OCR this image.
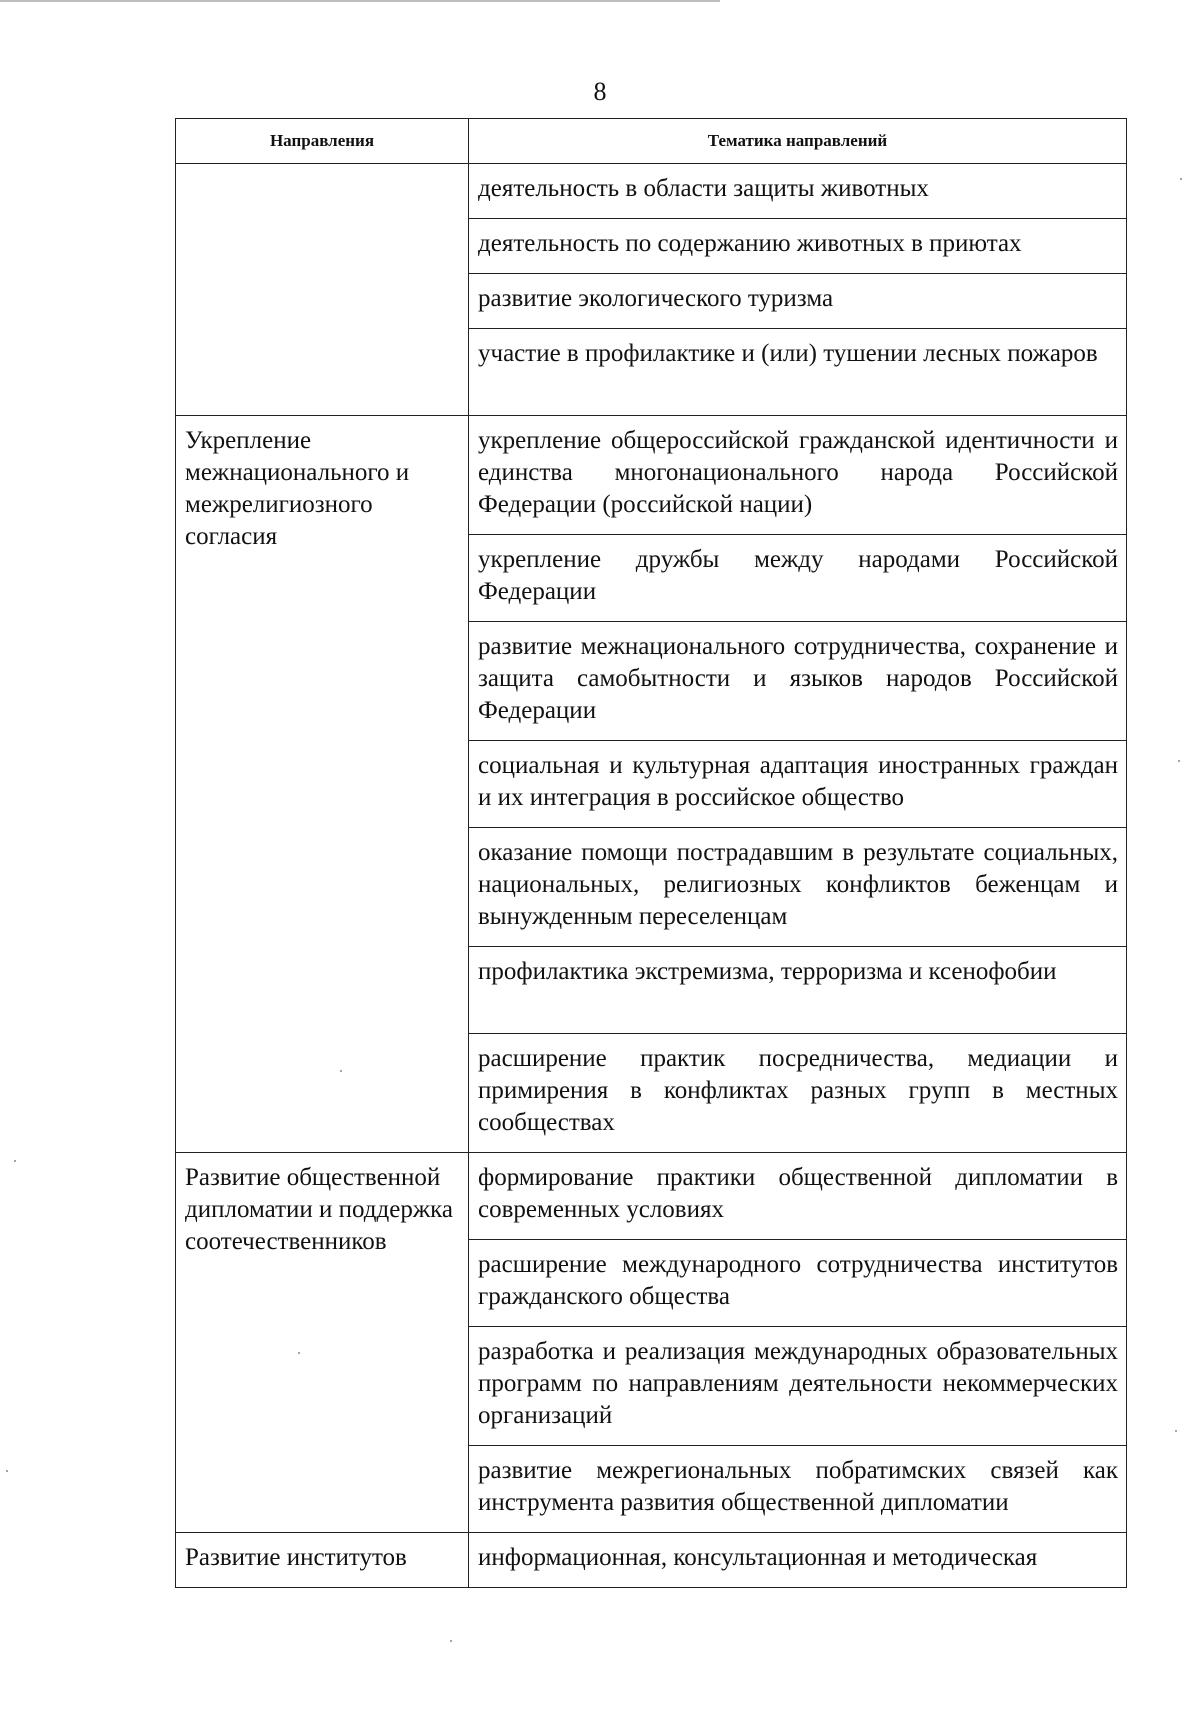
8
Направления	Тематика направлений
	деятельность в области защиты животных
	деятельность по содержанию животных в приютах
	развитие экологического туризма
	участие в профилактике и (или) тушении лесных пожаров
Укрепление межнационального и межрелигиозного согласия	укрепление общероссийской гражданской идентичности и единства многонационального народа Российской Федерации (российской нации)
	укрепление дружбы между народами Российской Федерации
	развитие межнационального сотрудничества, сохранение и защита самобытности и языков народов Российской Федерации
	социальная и культурная адаптация иностранных граждан и их интеграция в российское общество
	оказание помощи пострадавшим в результате социальных, национальных, религиозных конфликтов беженцам и вынужденным переселенцам
	профилактика экстремизма, терроризма и ксенофобии
	расширение практик посредничества, медиации и примирения в конфликтах разных групп в местных сообществах
Развитие общественной дипломатии и поддержка соотечественников	формирование практики общественной дипломатии в современных условиях
	расширение международного сотрудничества институтов гражданского общества
	разработка и реализация международных образовательных программ по направлениям деятельности некоммерческих организаций
	развитие межрегиональных побратимских связей как инструмента развития общественной дипломатии
Развитие институтов	информационная, консультационная и методическая
